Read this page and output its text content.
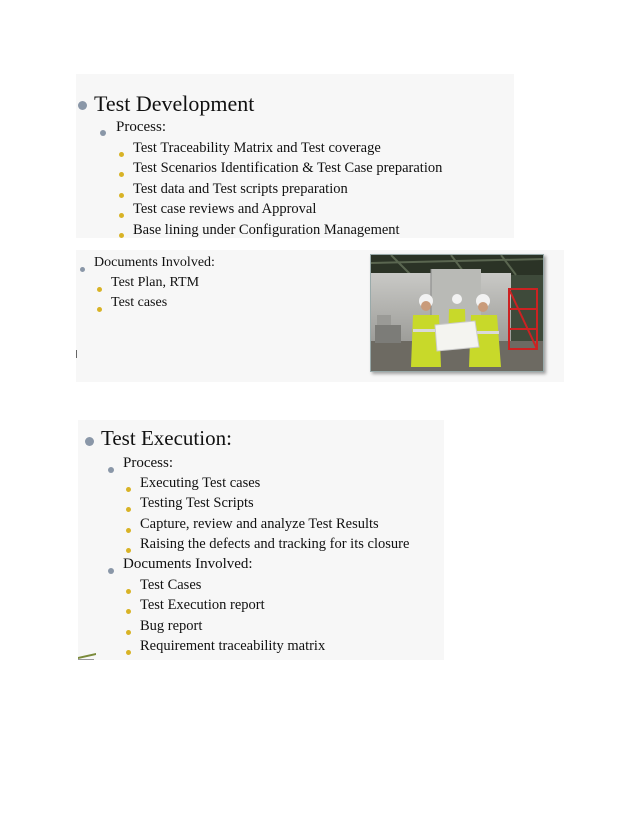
Test Development
Process:
Test Traceability Matrix and Test coverage
Test Scenarios Identification & Test Case preparation
Test data and Test scripts preparation
Test case reviews and Approval
Base lining under Configuration Management
Documents Involved:
Test Plan, RTM
Test cases
Test Execution:
Process:
Executing Test cases
Testing Test Scripts
Capture, review and analyze Test Results
Raising the defects and tracking for its closure
Documents Involved:
Test Cases
Test Execution report
Bug report
Requirement traceability matrix
